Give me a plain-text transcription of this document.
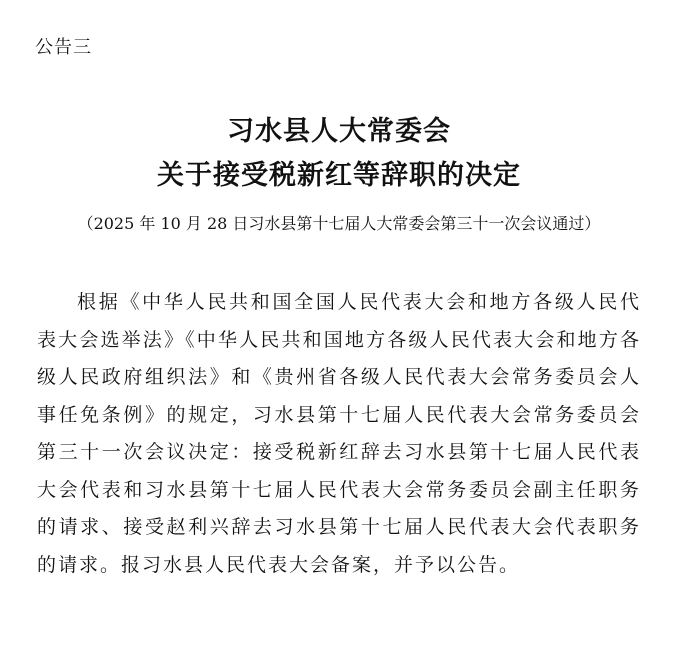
公告三
习水县人大常委会
关于接受税新红等辞职的决定
（2025 年 10 月 28 日习水县第十七届人大常委会第三十一次会议通过）

根据《中华人民共和国全国人民代表大会和地方各级人民代表大会选举法》《中华人民共和国地方各级人民代表大会和地方各级人民政府组织法》和《贵州省各级人民代表大会常务委员会人事任免条例》的规定，习水县第十七届人民代表大会常务委员会第三十一次会议决定：接受税新红辞去习水县第十七届人民代表大会代表和习水县第十七届人民代表大会常务委员会副主任职务的请求、接受赵利兴辞去习水县第十七届人民代表大会代表职务的请求。报习水县人民代表大会备案，并予以公告。
